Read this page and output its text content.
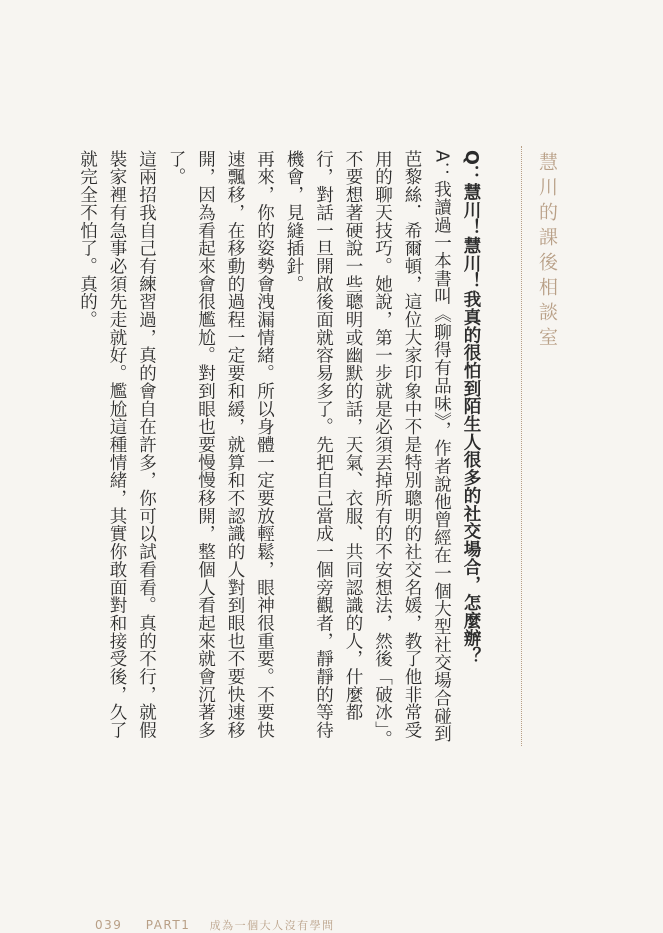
慧川的課後相談室

Q：慧川！慧川！我真的很怕到陌生人很多的社交場合，怎麼辦？

A：我讀過一本書叫《聊得有品味》，作者說他曾經在一個大型社交場合碰到芭黎絲．希爾頓，這位大家印象中不是特別聰明的社交名媛，教了他非常受用的聊天技巧。她說，第一步就是必須丟掉所有的不安想法，然後「破冰」。不要想著硬說一些聰明或幽默的話，天氣、衣服、共同認識的人，什麼都行，對話一旦開啟後面就容易多了。先把自己當成一個旁觀者，靜靜的等待機會，見縫插針。

再來，你的姿勢會洩漏情緒。所以身體一定要放輕鬆，眼神很重要。不要快速飄移，在移動的過程一定要和緩，就算和不認識的人對到眼也不要快速移開，因為看起來會很尷尬。對到眼也要慢慢移開，整個人看起來就會沉著多了。

這兩招我自己有練習過，真的會自在許多，你可以試看看。真的不行，就假裝家裡有急事必須先走就好。尷尬這種情緒，其實你敢面對和接受後，久了就完全不怕了。真的。

039 PART1 成為一個大人沒有學問
